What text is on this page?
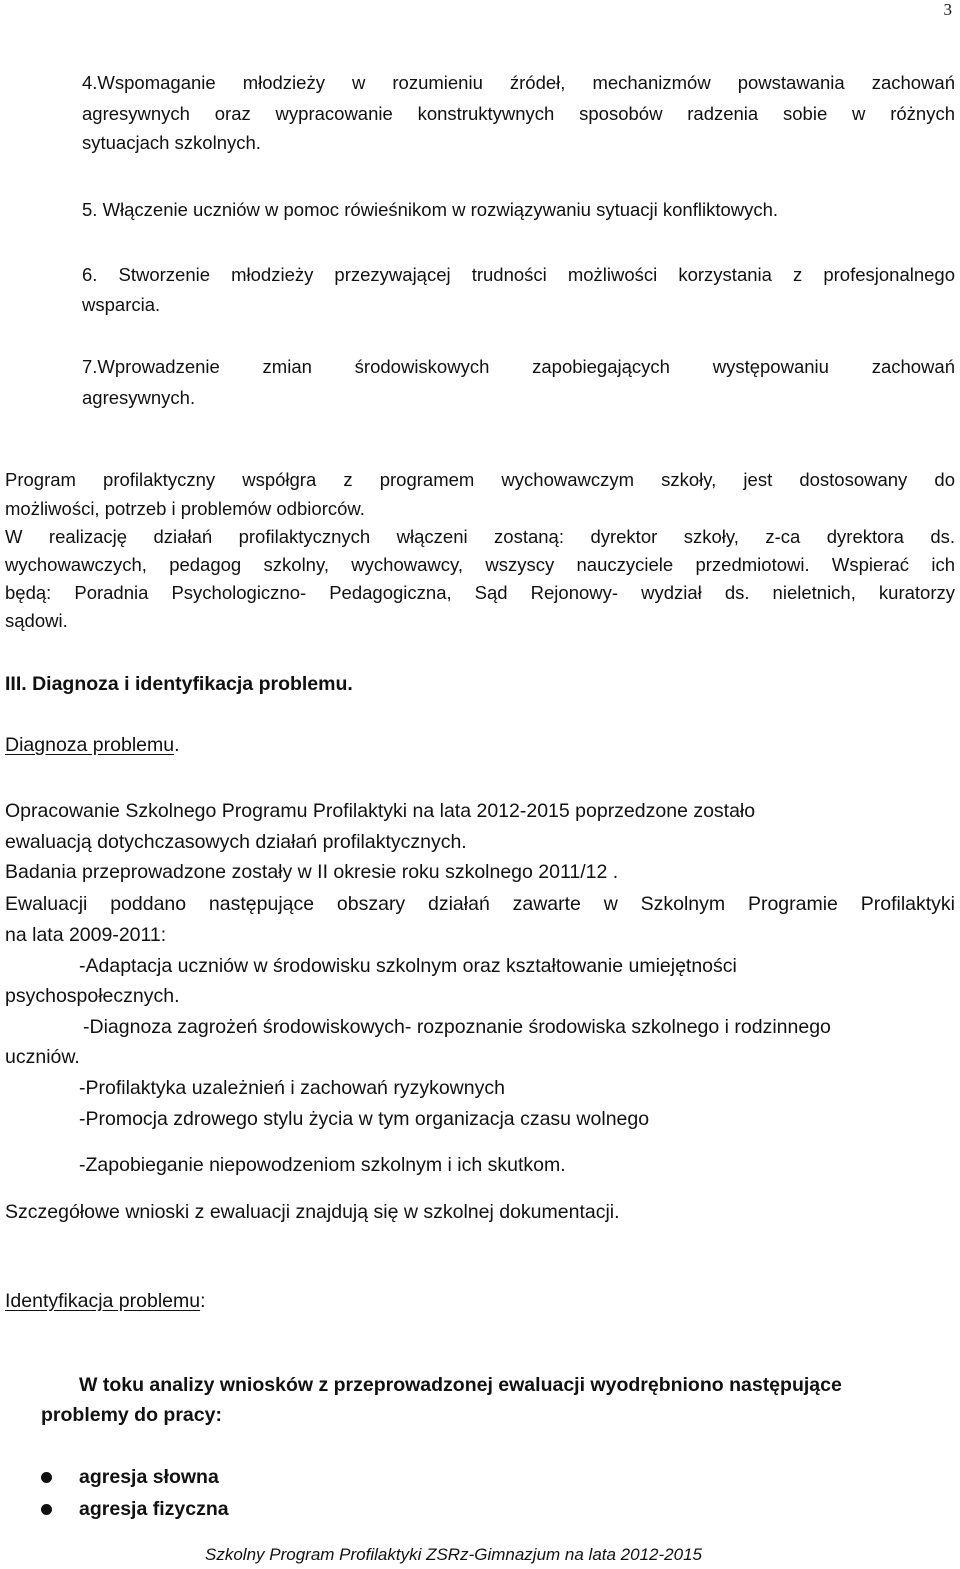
3
4.Wspomaganie młodzieży w rozumieniu źródeł, mechanizmów powstawania zachowań
agresywnych oraz wypracowanie konstruktywnych sposobów radzenia sobie w różnych
sytuacjach szkolnych.
5. Włączenie uczniów w pomoc rówieśnikom w rozwiązywaniu sytuacji konfliktowych.
6. Stworzenie młodzieży przezywającej trudności możliwości korzystania z profesjonalnego
wsparcia.
7.Wprowadzenie zmian środowiskowych zapobiegających występowaniu zachowań
agresywnych.
Program profilaktyczny współgra z programem wychowawczym szkoły, jest dostosowany do
możliwości, potrzeb i problemów odbiorców.
W realizację działań profilaktycznych włączeni zostaną: dyrektor szkoły, z-ca dyrektora ds.
wychowawczych, pedagog szkolny, wychowawcy, wszyscy nauczyciele przedmiotowi. Wspierać ich
będą: Poradnia Psychologiczno- Pedagogiczna, Sąd Rejonowy- wydział ds. nieletnich, kuratorzy
sądowi.
III. Diagnoza i identyfikacja problemu.
Diagnoza problemu.
Opracowanie Szkolnego Programu Profilaktyki na lata 2012-2015 poprzedzone zostało
ewaluacją dotychczasowych działań profilaktycznych.
Badania przeprowadzone zostały w II okresie roku szkolnego 2011/12 .
Ewaluacji poddano następujące obszary działań zawarte w Szkolnym Programie Profilaktyki
na lata 2009-2011:
-Adaptacja uczniów w środowisku szkolnym oraz kształtowanie umiejętności
psychospołecznych.
-Diagnoza zagrożeń środowiskowych- rozpoznanie środowiska szkolnego i rodzinnego
uczniów.
-Profilaktyka uzależnień i zachowań ryzykownych
-Promocja zdrowego stylu życia w tym organizacja czasu wolnego
-Zapobieganie niepowodzeniom szkolnym i ich skutkom.
Szczegółowe wnioski z ewaluacji znajdują się w szkolnej dokumentacji.
Identyfikacja problemu:
W toku analizy wniosków z przeprowadzonej ewaluacji wyodrębniono następujące
problemy do pracy:
agresja słowna
agresja fizyczna
Szkolny Program Profilaktyki ZSRz-Gimnazjum na lata 2012-2015
